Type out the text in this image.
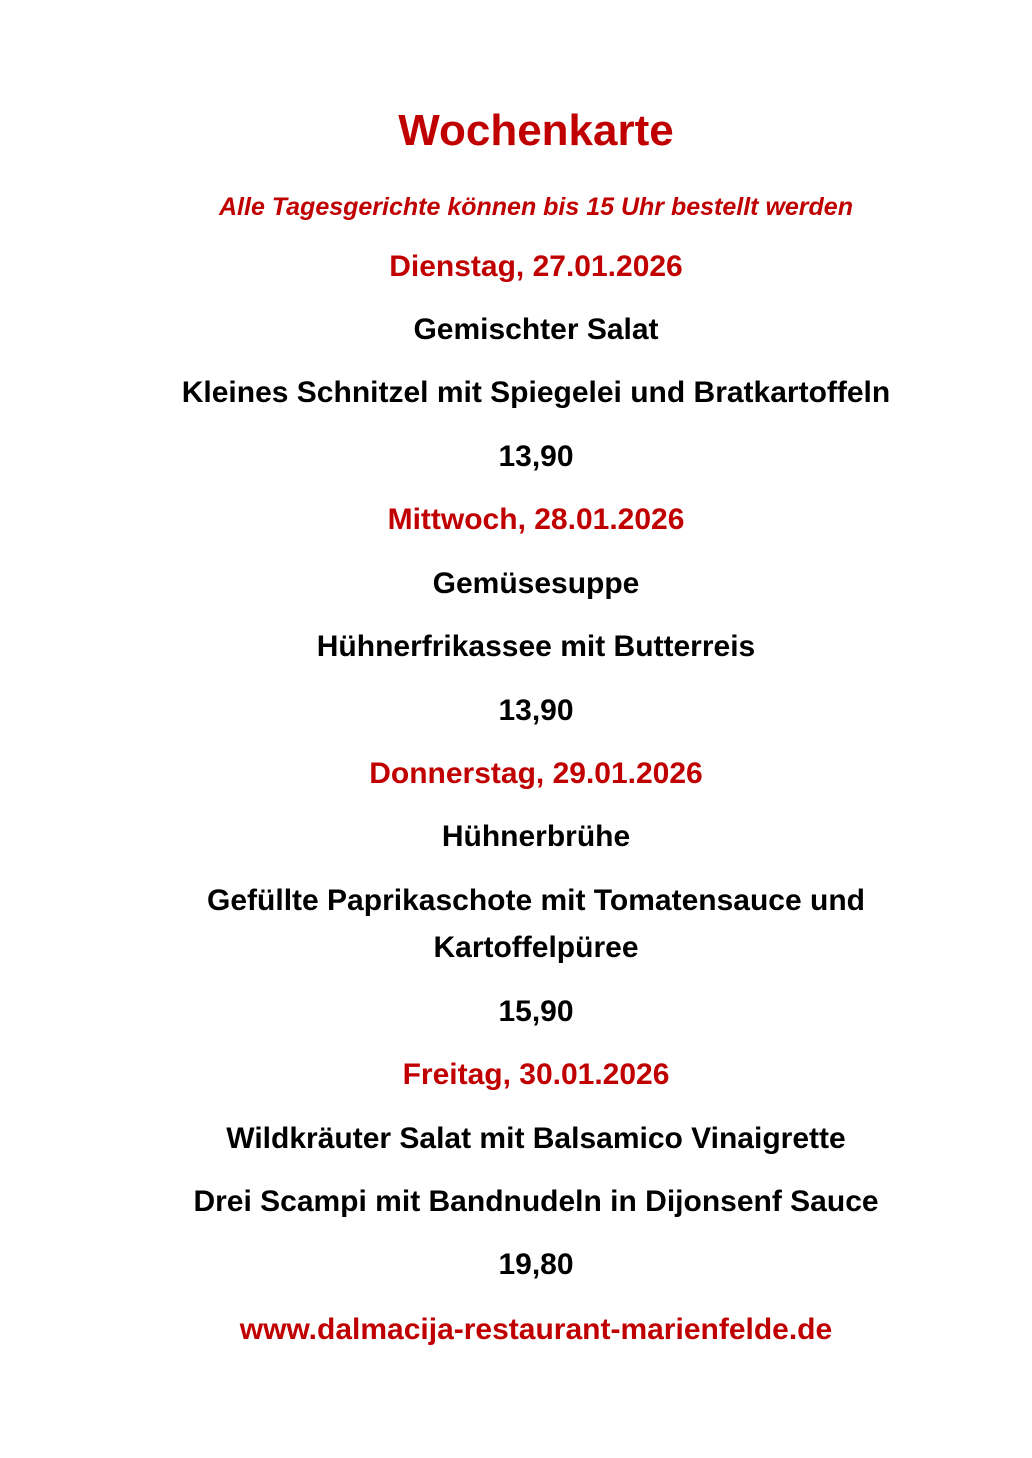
Wochenkarte
Alle Tagesgerichte können bis 15 Uhr bestellt werden
Dienstag, 27.01.2026
Gemischter Salat
Kleines Schnitzel mit Spiegelei und Bratkartoffeln
13,90
Mittwoch, 28.01.2026
Gemüsesuppe
Hühnerfrikassee mit Butterreis
13,90
Donnerstag, 29.01.2026
Hühnerbrühe
Gefüllte Paprikaschote mit Tomatensauce und
Kartoffelpüree
15,90
Freitag, 30.01.2026
Wildkräuter Salat mit Balsamico Vinaigrette
Drei Scampi mit Bandnudeln in Dijonsenf Sauce
19,80
www.dalmacija-restaurant-marienfelde.de
